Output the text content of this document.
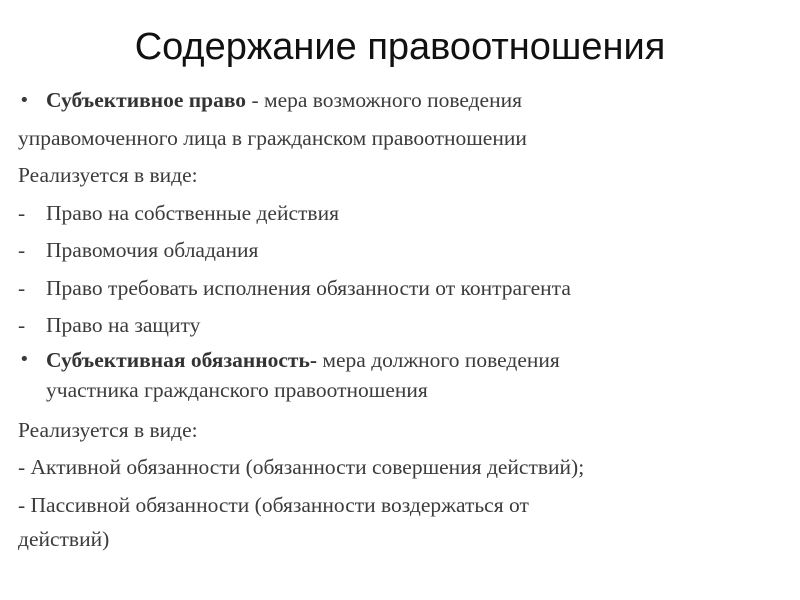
Содержание правоотношения
• Субъективное право - мера возможного поведения
управомоченного лица в гражданском правоотношении
Реализуется в виде:
- Право на собственные действия
- Правомочия обладания
- Право требовать исполнения обязанности от контрагента
- Право на защиту
• Субъективная обязанность- мера должного поведения
участника гражданского правоотношения
Реализуется в виде:
- Активной обязанности (обязанности совершения действий);
- Пассивной обязанности (обязанности воздержаться от
действий)
